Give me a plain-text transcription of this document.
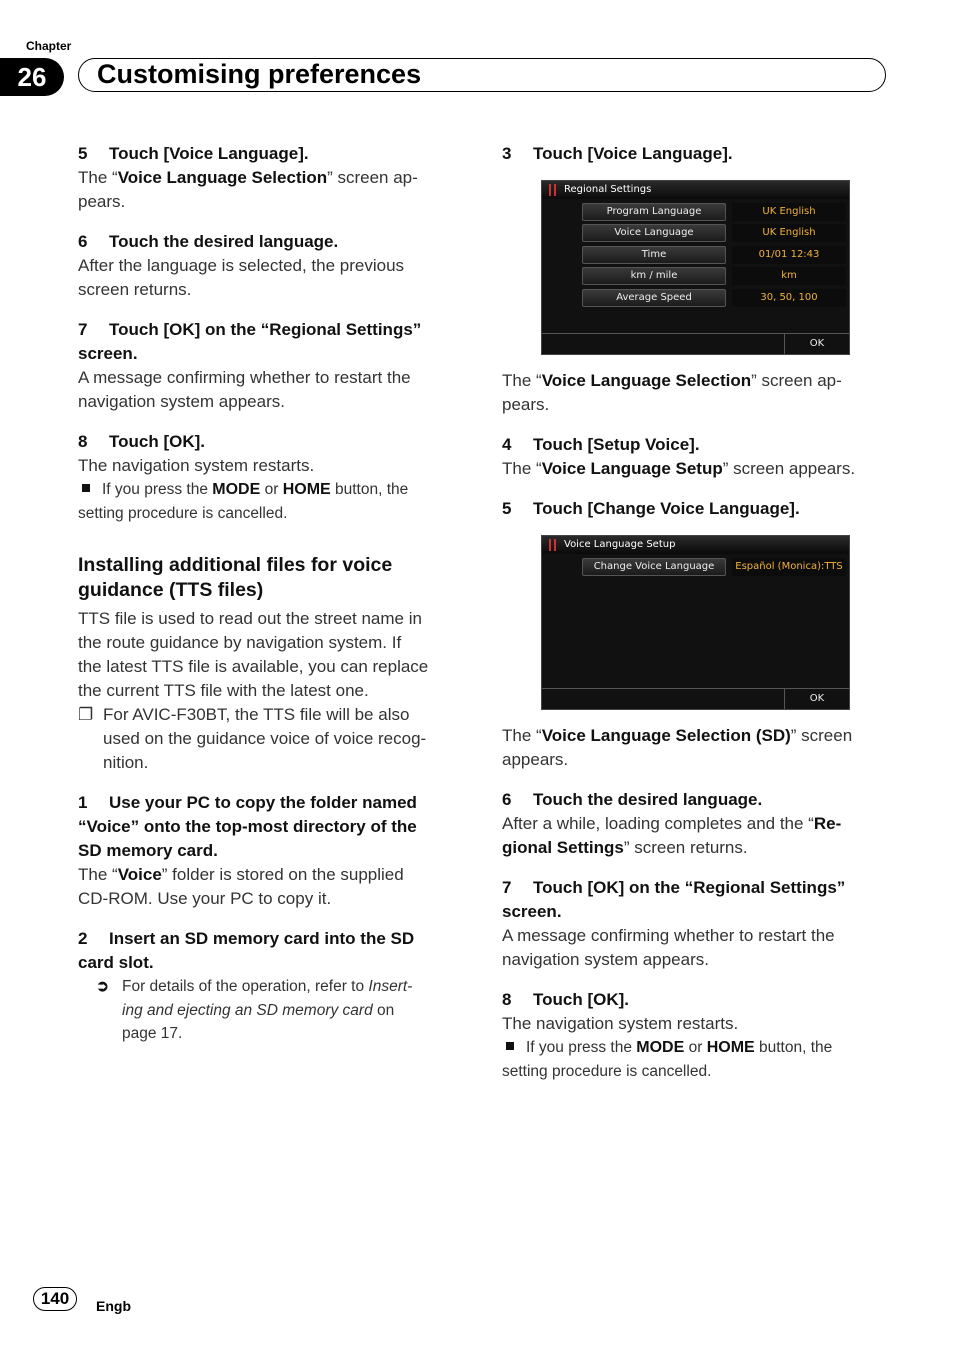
Chapter
26	Customising preferences
5 Touch [Voice Language].
The “Voice Language Selection” screen ap-
pears.
6 Touch the desired language.
After the language is selected, the previous
screen returns.
7 Touch [OK] on the “Regional Settings”
screen.
A message confirming whether to restart the
navigation system appears.
8 Touch [OK].
The navigation system restarts.
If you press the MODE or HOME button, the
setting procedure is cancelled.
Installing additional files for voice
guidance (TTS files)
TTS file is used to read out the street name in
the route guidance by navigation system. If
the latest TTS file is available, you can replace
the current TTS file with the latest one.
❐ For AVIC-F30BT, the TTS file will be also
used on the guidance voice of voice recog-
nition.
1 Use your PC to copy the folder named
“Voice” onto the top-most directory of the
SD memory card.
The “Voice” folder is stored on the supplied
CD-ROM. Use your PC to copy it.
2 Insert an SD memory card into the SD
card slot.
➲ For details of the operation, refer to Insert-
ing and ejecting an SD memory card on
page 17.
3 Touch [Voice Language].
Regional Settings
Program Language	UK English
Voice Language	UK English
Time	01/01 12:43
km / mile	km
Average Speed	30, 50, 100
OK
The “Voice Language Selection” screen ap-
pears.
4 Touch [Setup Voice].
The “Voice Language Setup” screen appears.
5 Touch [Change Voice Language].
Voice Language Setup
Change Voice Language	Español (Monica):TTS
OK
The “Voice Language Selection (SD)” screen
appears.
6 Touch the desired language.
After a while, loading completes and the “Re-
gional Settings” screen returns.
7 Touch [OK] on the “Regional Settings”
screen.
A message confirming whether to restart the
navigation system appears.
8 Touch [OK].
The navigation system restarts.
If you press the MODE or HOME button, the
setting procedure is cancelled.
140	Engb
